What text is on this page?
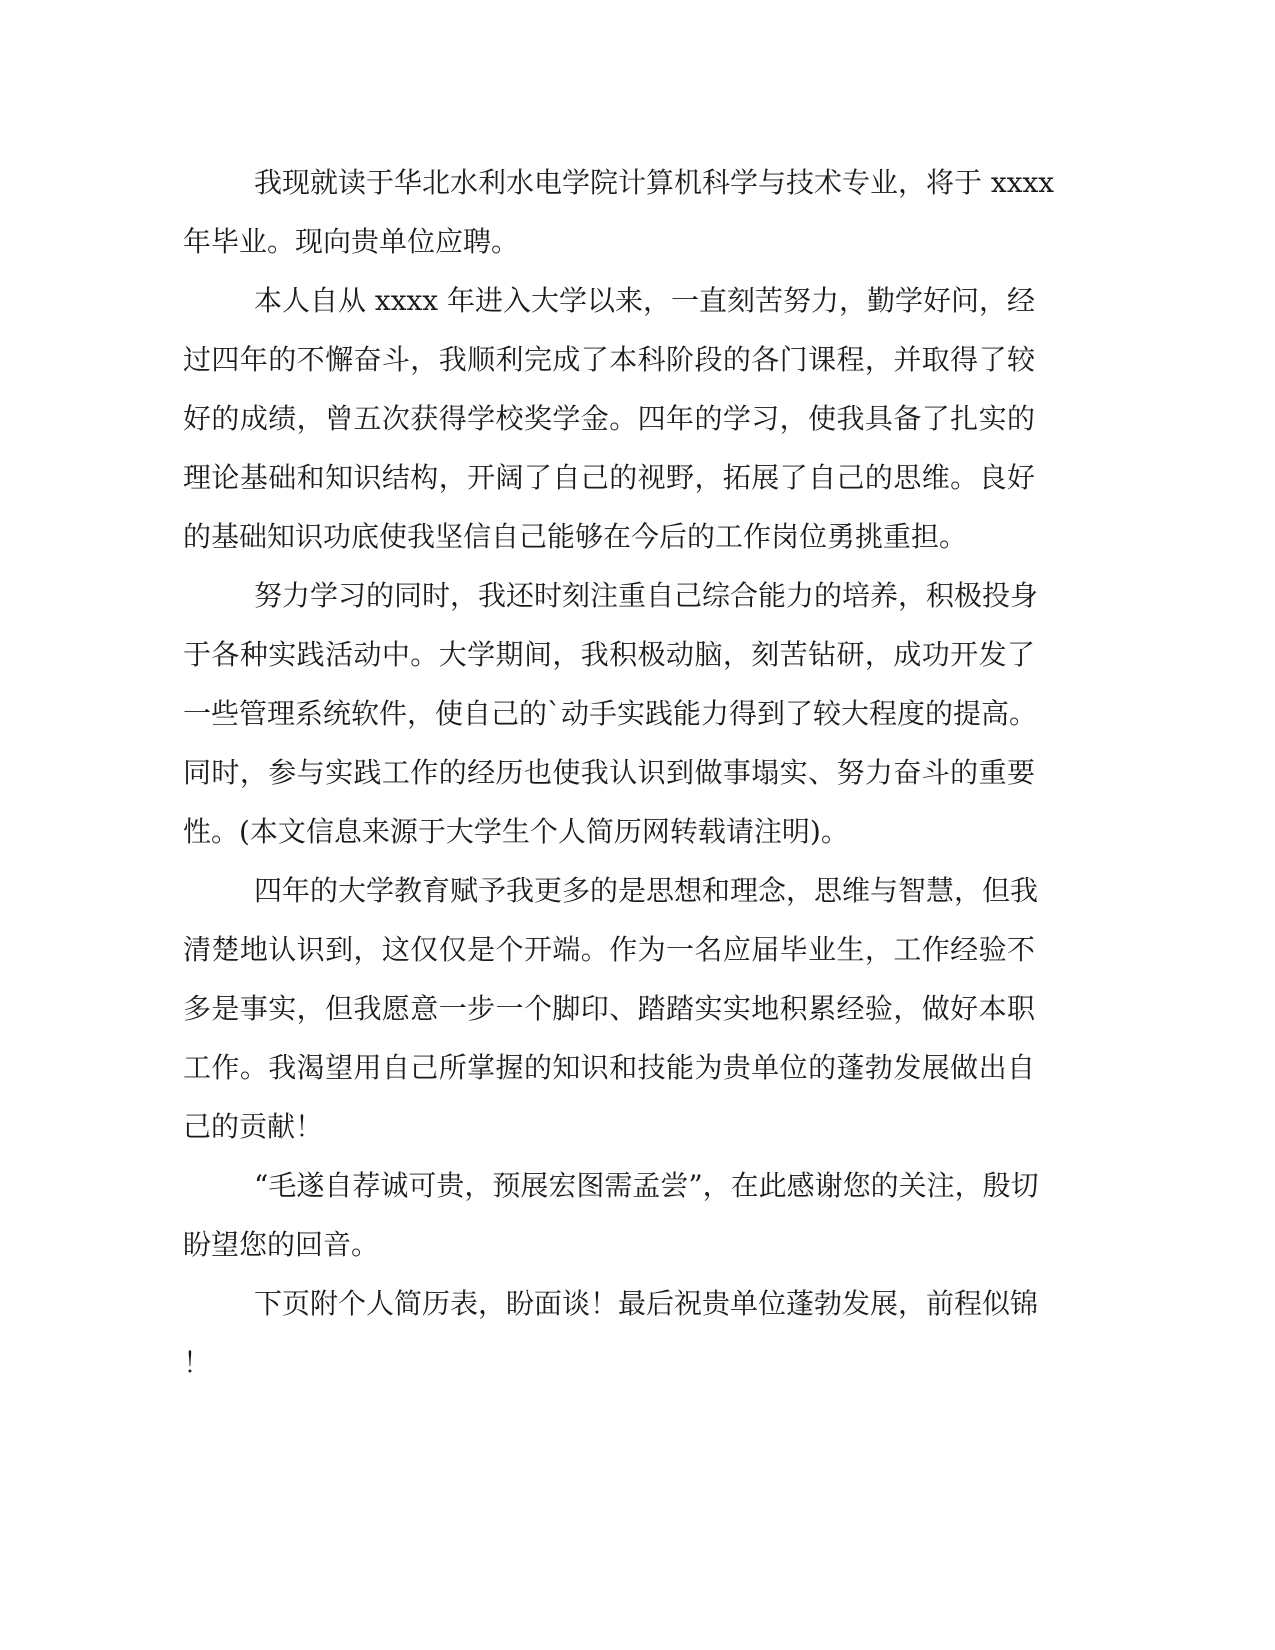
我现就读于华北水利水电学院计算机科学与技术专业，将于 xxxx

年毕业。现向贵单位应聘。

本人自从 xxxx 年进入大学以来，一直刻苦努力，勤学好问，经

过四年的不懈奋斗，我顺利完成了本科阶段的各门课程，并取得了较

好的成绩，曾五次获得学校奖学金。四年的学习，使我具备了扎实的

理论基础和知识结构，开阔了自己的视野，拓展了自己的思维。良好

的基础知识功底使我坚信自己能够在今后的工作岗位勇挑重担。

努力学习的同时，我还时刻注重自己综合能力的培养，积极投身

于各种实践活动中。大学期间，我积极动脑，刻苦钻研，成功开发了

一些管理系统软件，使自己的`动手实践能力得到了较大程度的提高。

同时，参与实践工作的经历也使我认识到做事塌实、努力奋斗的重要

性。(本文信息来源于大学生个人简历网转载请注明)。

四年的大学教育赋予我更多的是思想和理念，思维与智慧，但我

清楚地认识到，这仅仅是个开端。作为一名应届毕业生，工作经验不

多是事实，但我愿意一步一个脚印、踏踏实实地积累经验，做好本职

工作。我渴望用自己所掌握的知识和技能为贵单位的蓬勃发展做出自

己的贡献！

“毛遂自荐诚可贵，预展宏图需孟尝”，在此感谢您的关注，殷切

盼望您的回音。

下页附个人简历表，盼面谈！最后祝贵单位蓬勃发展，前程似锦

！
